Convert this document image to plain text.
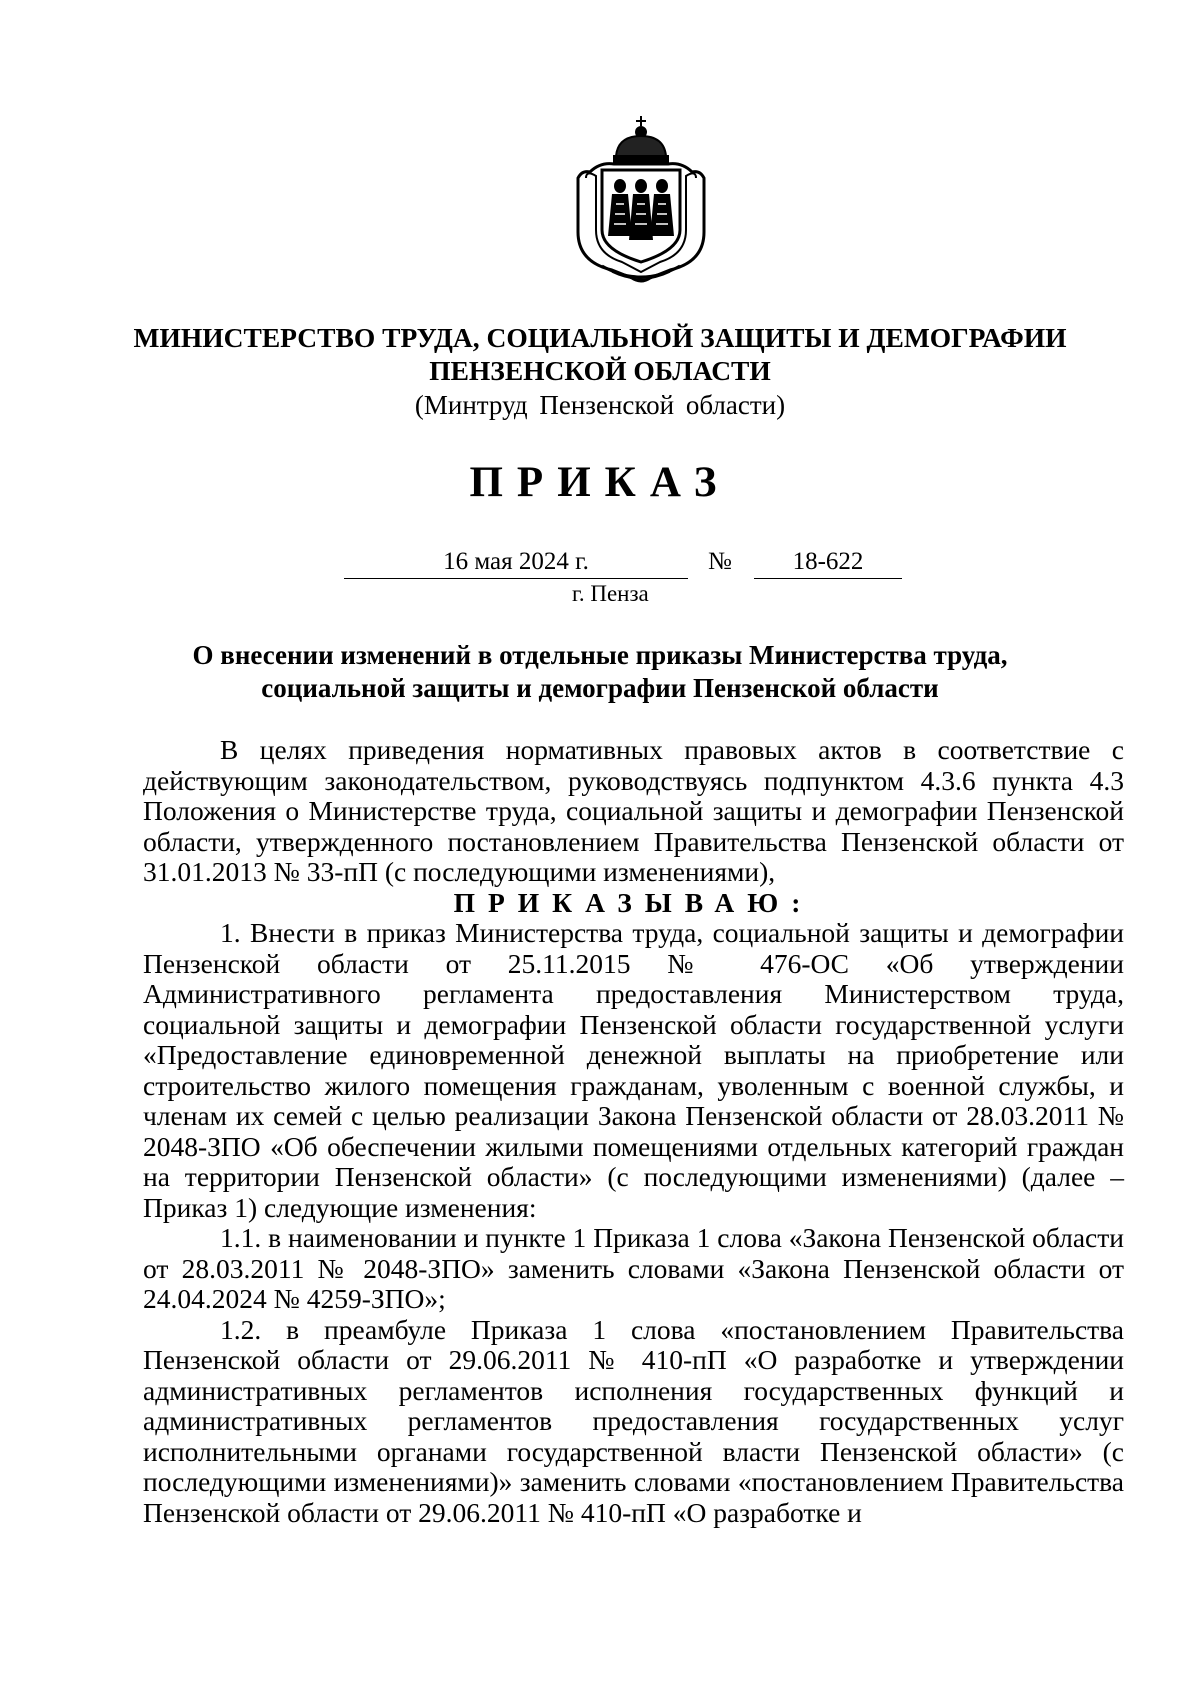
МИНИСТЕРСТВО ТРУДА, СОЦИАЛЬНОЙ ЗАЩИТЫ И ДЕМОГРАФИИ
ПЕНЗЕНСКОЙ ОБЛАСТИ
(Минтруд Пензенской области)
ПРИКАЗ
16 мая 2024 г.	№	18-622
г. Пенза
О внесении изменений в отдельные приказы Министерства труда,
социальной защиты и демографии Пензенской области

В целях приведения нормативных правовых актов в соответствие с действующим законодательством, руководствуясь подпунктом 4.3.6 пункта 4.3 Положения о Министерстве труда, социальной защиты и демографии Пензенской области, утвержденного постановлением Правительства Пензенской области от 31.01.2013 № 33-пП (с последующими изменениями),

ПРИКАЗЫВАЮ:

1. Внести в приказ Министерства труда, социальной защиты и демографии Пензенской области от 25.11.2015 № 476-ОС «Об утверждении Административного регламента предоставления Министерством труда, социальной защиты и демографии Пензенской области государственной услуги «Предоставление единовременной денежной выплаты на приобретение или строительство жилого помещения гражданам, уволенным с военной службы, и членам их семей с целью реализации Закона Пензенской области от 28.03.2011 № 2048-ЗПО «Об обеспечении жилыми помещениями отдельных категорий граждан на территории Пензенской области» (с последующими изменениями) (далее – Приказ 1) следующие изменения:

1.1. в наименовании и пункте 1 Приказа 1 слова «Закона Пензенской области от 28.03.2011 № 2048-ЗПО» заменить словами «Закона Пензенской области от 24.04.2024 № 4259-ЗПО»;

1.2. в преамбуле Приказа 1 слова «постановлением Правительства Пензенской области от 29.06.2011 № 410-пП «О разработке и утверждении административных регламентов исполнения государственных функций и административных регламентов предоставления государственных услуг исполнительными органами государственной власти Пензенской области» (с последующими изменениями)» заменить словами «постановлением Правительства Пензенской области от 29.06.2011 № 410-пП «О разработке и
